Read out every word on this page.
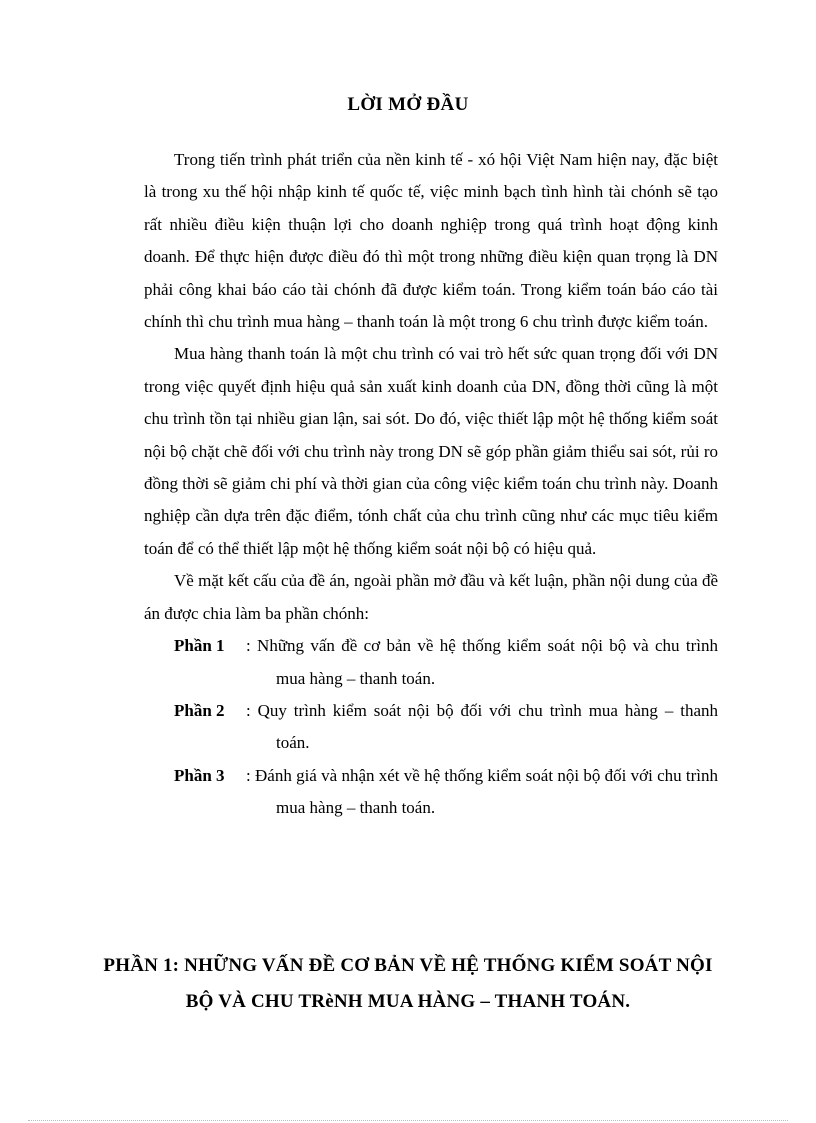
LỜI MỞ ĐẦU

Trong tiến trình phát triển của nền kinh tế - xó hội Việt Nam hiện nay, đặc biệt là trong xu thế hội nhập kinh tế quốc tế, việc minh bạch tình hình tài chónh sẽ tạo rất nhiều điều kiện thuận lợi cho doanh nghiệp trong quá trình hoạt động kinh doanh. Để thực hiện được điều đó thì một trong những điều kiện quan trọng là DN phải công khai báo cáo tài chónh đã được kiểm toán. Trong kiểm toán báo cáo tài chính thì chu trình mua hàng – thanh toán là một trong 6 chu trình được kiểm toán.

Mua hàng thanh toán là một chu trình có vai trò hết sức quan trọng đối với DN trong việc quyết định hiệu quả sản xuất kinh doanh của DN, đồng thời cũng là một chu trình tồn tại nhiều gian lận, sai sót. Do đó, việc thiết lập một hệ thống kiểm soát nội bộ chặt chẽ đối với chu trình này trong DN sẽ góp phần giảm thiểu sai sót, rủi ro đồng thời sẽ giảm chi phí và thời gian của công việc kiểm toán chu trình này. Doanh nghiệp cần dựa trên đặc điểm, tónh chất của chu trình cũng như các mục tiêu kiểm toán để có thể thiết lập một hệ thống kiểm soát nội bộ có hiệu quả.

Về mặt kết cấu của đề án, ngoài phần mở đầu và kết luận, phần nội dung của đề án được chia làm ba phần chónh:

Phần 1	: Những vấn đề cơ bản về hệ thống kiểm soát nội bộ và chu trình mua hàng – thanh toán.
Phần 2	: Quy trình kiểm soát nội bộ đối với chu trình mua hàng – thanh toán.
Phần 3	: Đánh giá và nhận xét về hệ thống kiểm soát nội bộ đối với chu trình mua hàng – thanh toán.
PHẦN 1: NHỮNG VẤN ĐỀ CƠ BẢN VỀ HỆ THỐNG KIỂM SOÁT NỘI BỘ VÀ CHU TRèNH MUA HÀNG – THANH TOÁN.
